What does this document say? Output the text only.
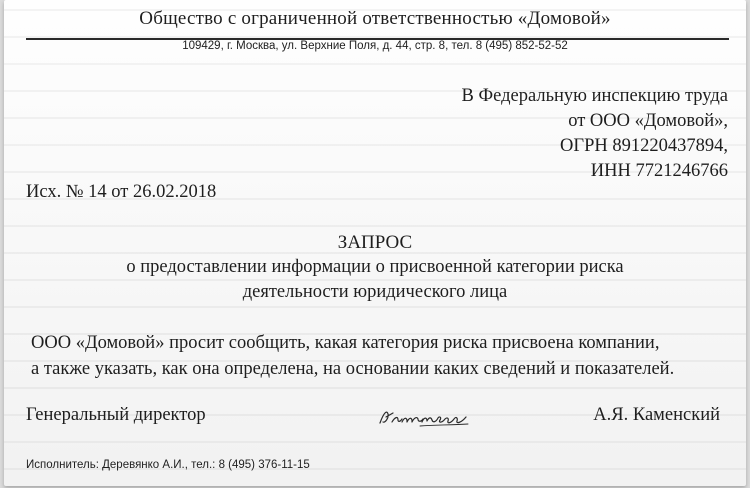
Общество с ограниченной ответственностью «Домовой»
109429, г. Москва, ул. Верхние Поля, д. 44, стр. 8, тел. 8 (495) 852-52-52
В Федеральную инспекцию труда
от ООО «Домовой»,
ОГРН 891220437894,
ИНН 7721246766
Исх. № 14 от 26.02.2018
ЗАПРОС
о предоставлении информации о присвоенной категории риска
деятельности юридического лица
ООО «Домовой» просит сообщить, какая категория риска присвоена компании,
а также указать, как она определена, на основании каких сведений и показателей.
Генеральный директор	А.Я. Каменский
Исполнитель: Деревянко А.И., тел.: 8 (495) 376-11-15
